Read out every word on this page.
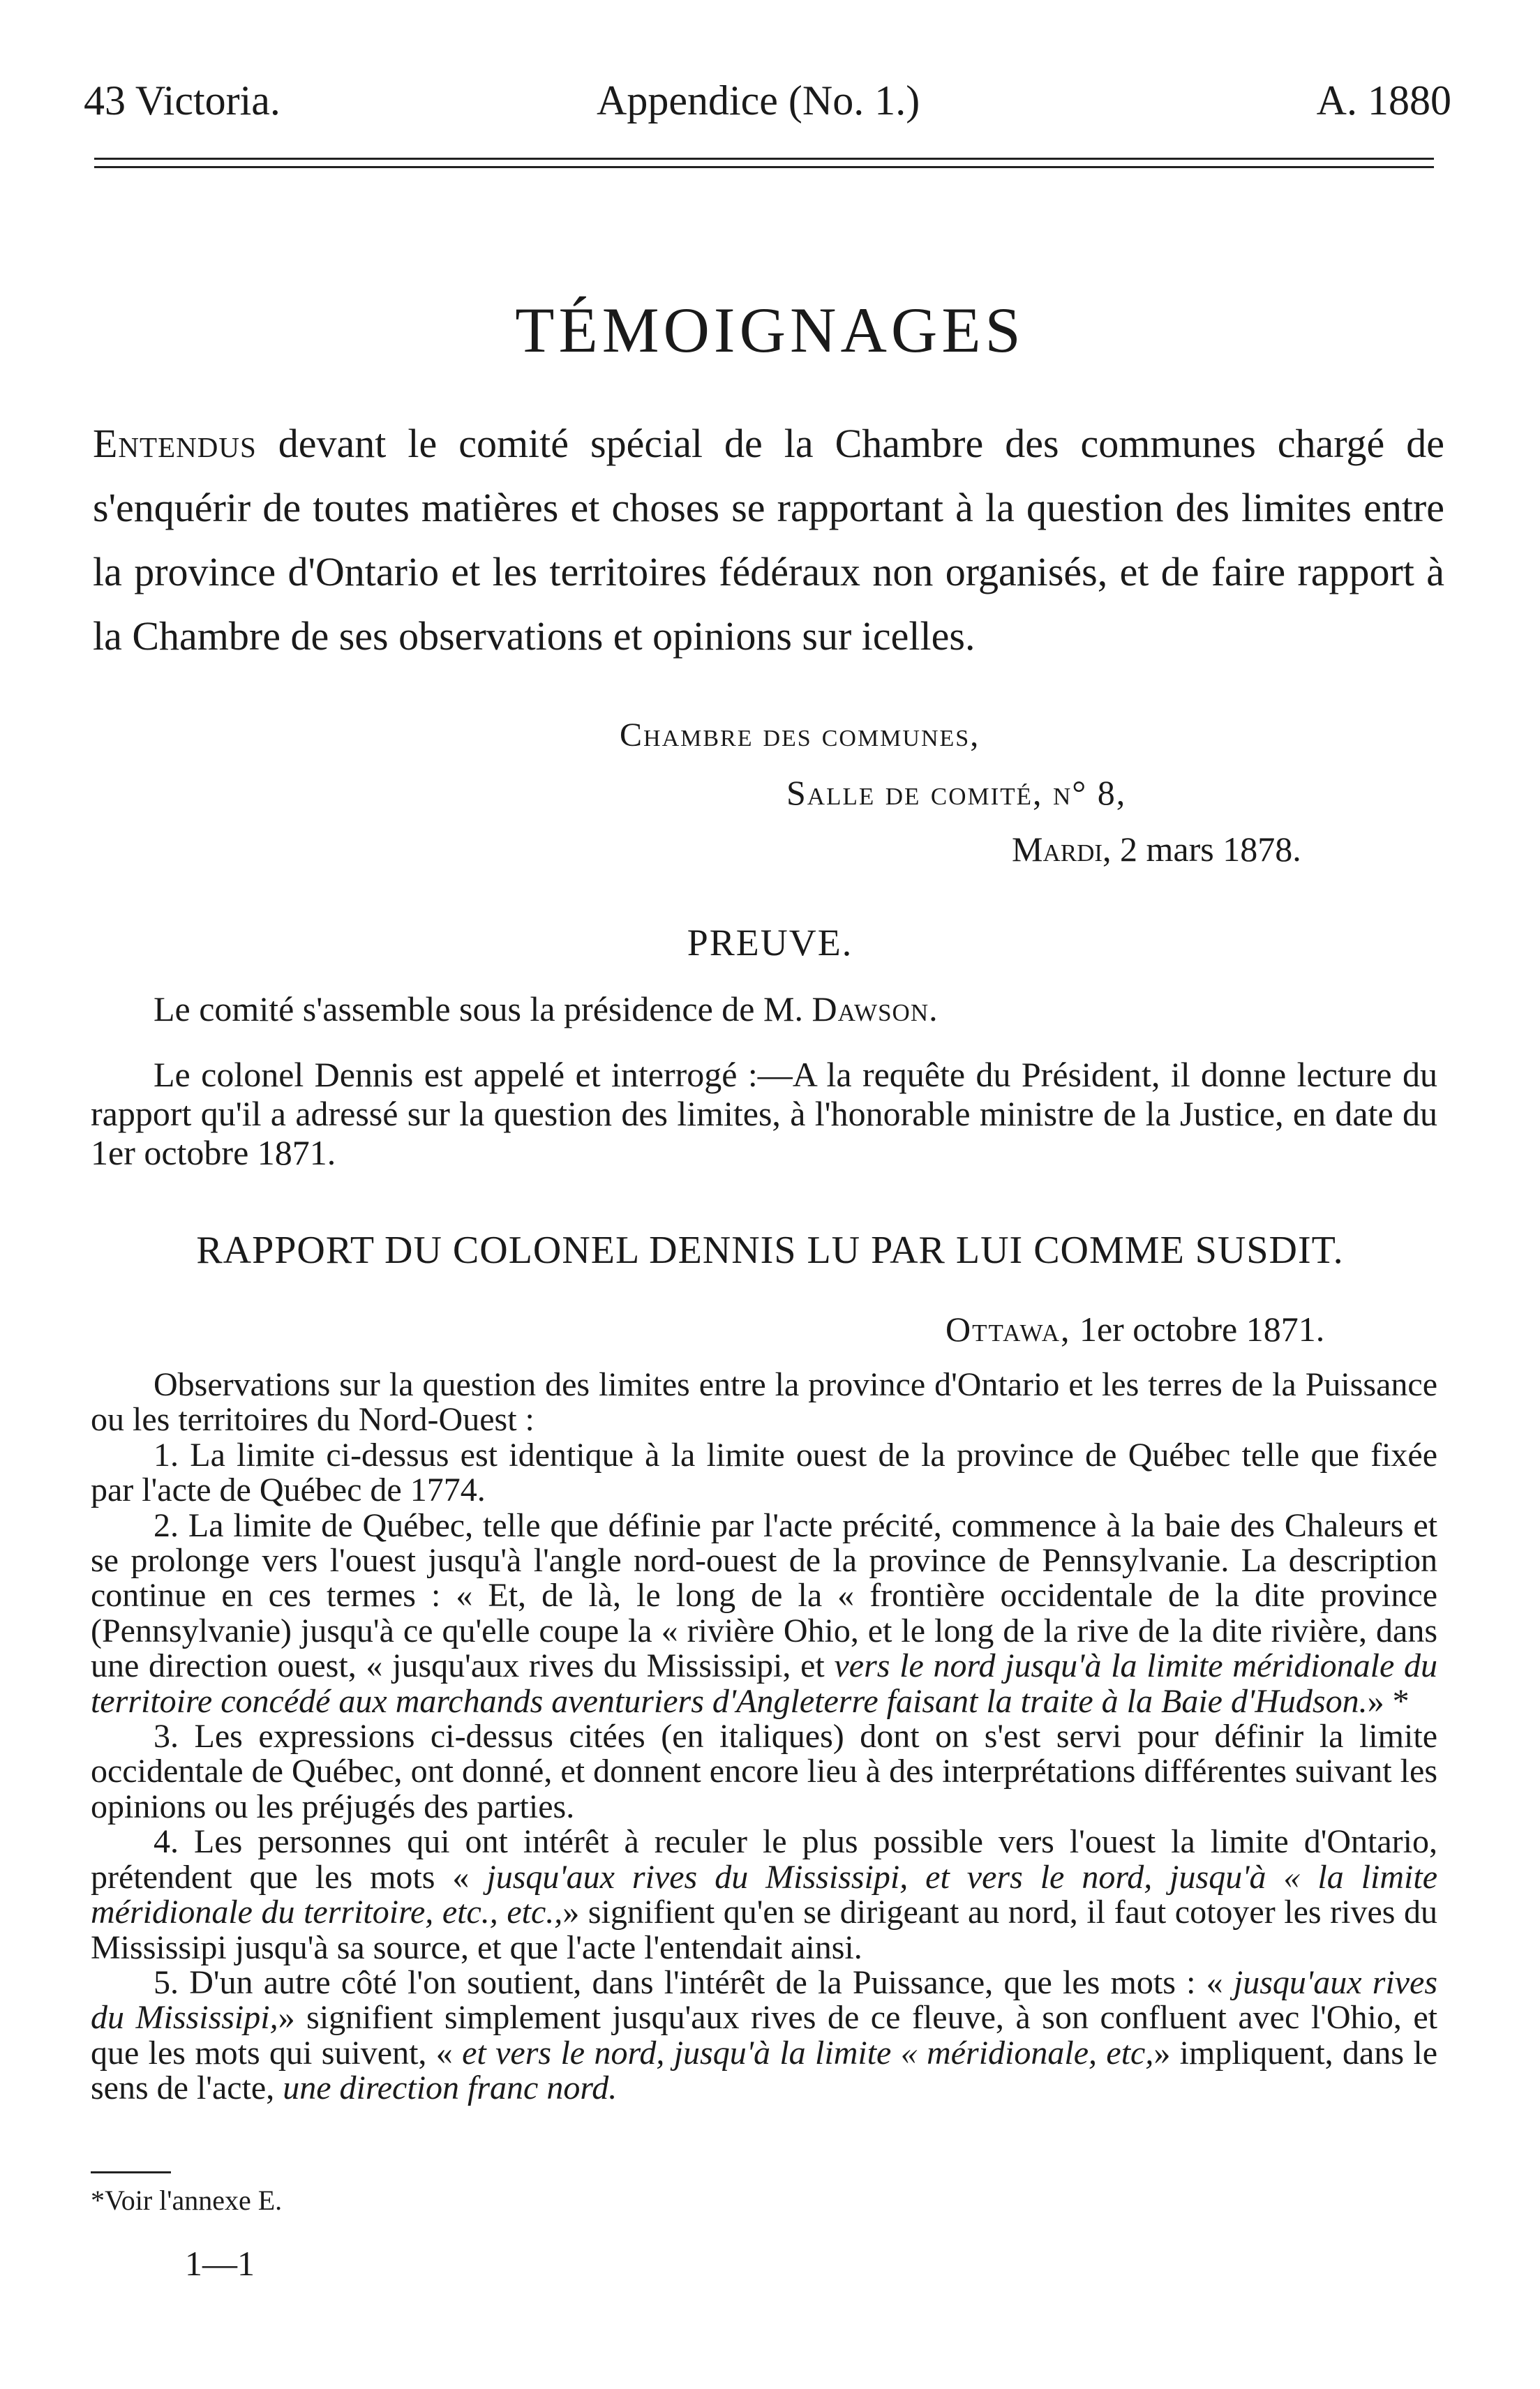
43 Victoria.	Appendice (No. 1.)	A. 1880
TÉMOIGNAGES
Entendus devant le comité spécial de la Chambre des communes chargé de s'enquérir de toutes matières et choses se rapportant à la question des limites entre la province d'Ontario et les territoires fédéraux non organisés, et de faire rapport à la Chambre de ses observations et opinions sur icelles.
Chambre des communes,
Salle de comité, n° 8,
Mardi, 2 mars 1878.
PREUVE.
Le comité s'assemble sous la présidence de M. Dawson.
Le colonel Dennis est appelé et interrogé :—A la requête du Président, il donne lecture du rapport qu'il a adressé sur la question des limites, à l'honorable ministre de la Justice, en date du 1er octobre 1871.
RAPPORT DU COLONEL DENNIS LU PAR LUI COMME SUSDIT.
Ottawa, 1er octobre 1871.

Observations sur la question des limites entre la province d'Ontario et les terres de la Puissance ou les territoires du Nord-Ouest :

1. La limite ci-dessus est identique à la limite ouest de la province de Québec telle que fixée par l'acte de Québec de 1774.

2. La limite de Québec, telle que définie par l'acte précité, commence à la baie des Chaleurs et se prolonge vers l'ouest jusqu'à l'angle nord-ouest de la province de Pennsylvanie. La description continue en ces termes : « Et, de là, le long de la « frontière occidentale de la dite province (Pennsylvanie) jusqu'à ce qu'elle coupe la « rivière Ohio, et le long de la rive de la dite rivière, dans une direction ouest, « jusqu'aux rives du Mississipi, et vers le nord jusqu'à la limite méridionale du territoire concédé aux marchands aventuriers d'Angleterre faisant la traite à la Baie d'Hudson.» *

3. Les expressions ci-dessus citées (en italiques) dont on s'est servi pour définir la limite occidentale de Québec, ont donné, et donnent encore lieu à des interprétations différentes suivant les opinions ou les préjugés des parties.

4. Les personnes qui ont intérêt à reculer le plus possible vers l'ouest la limite d'Ontario, prétendent que les mots « jusqu'aux rives du Mississipi, et vers le nord, jusqu'à « la limite méridionale du territoire, etc., etc.,» signifient qu'en se dirigeant au nord, il faut cotoyer les rives du Mississipi jusqu'à sa source, et que l'acte l'entendait ainsi.

5. D'un autre côté l'on soutient, dans l'intérêt de la Puissance, que les mots : « jusqu'aux rives du Mississipi,» signifient simplement jusqu'aux rives de ce fleuve, à son confluent avec l'Ohio, et que les mots qui suivent, « et vers le nord, jusqu'à la limite « méridionale, etc,» impliquent, dans le sens de l'acte, une direction franc nord.

*Voir l'annexe E.
1—1
